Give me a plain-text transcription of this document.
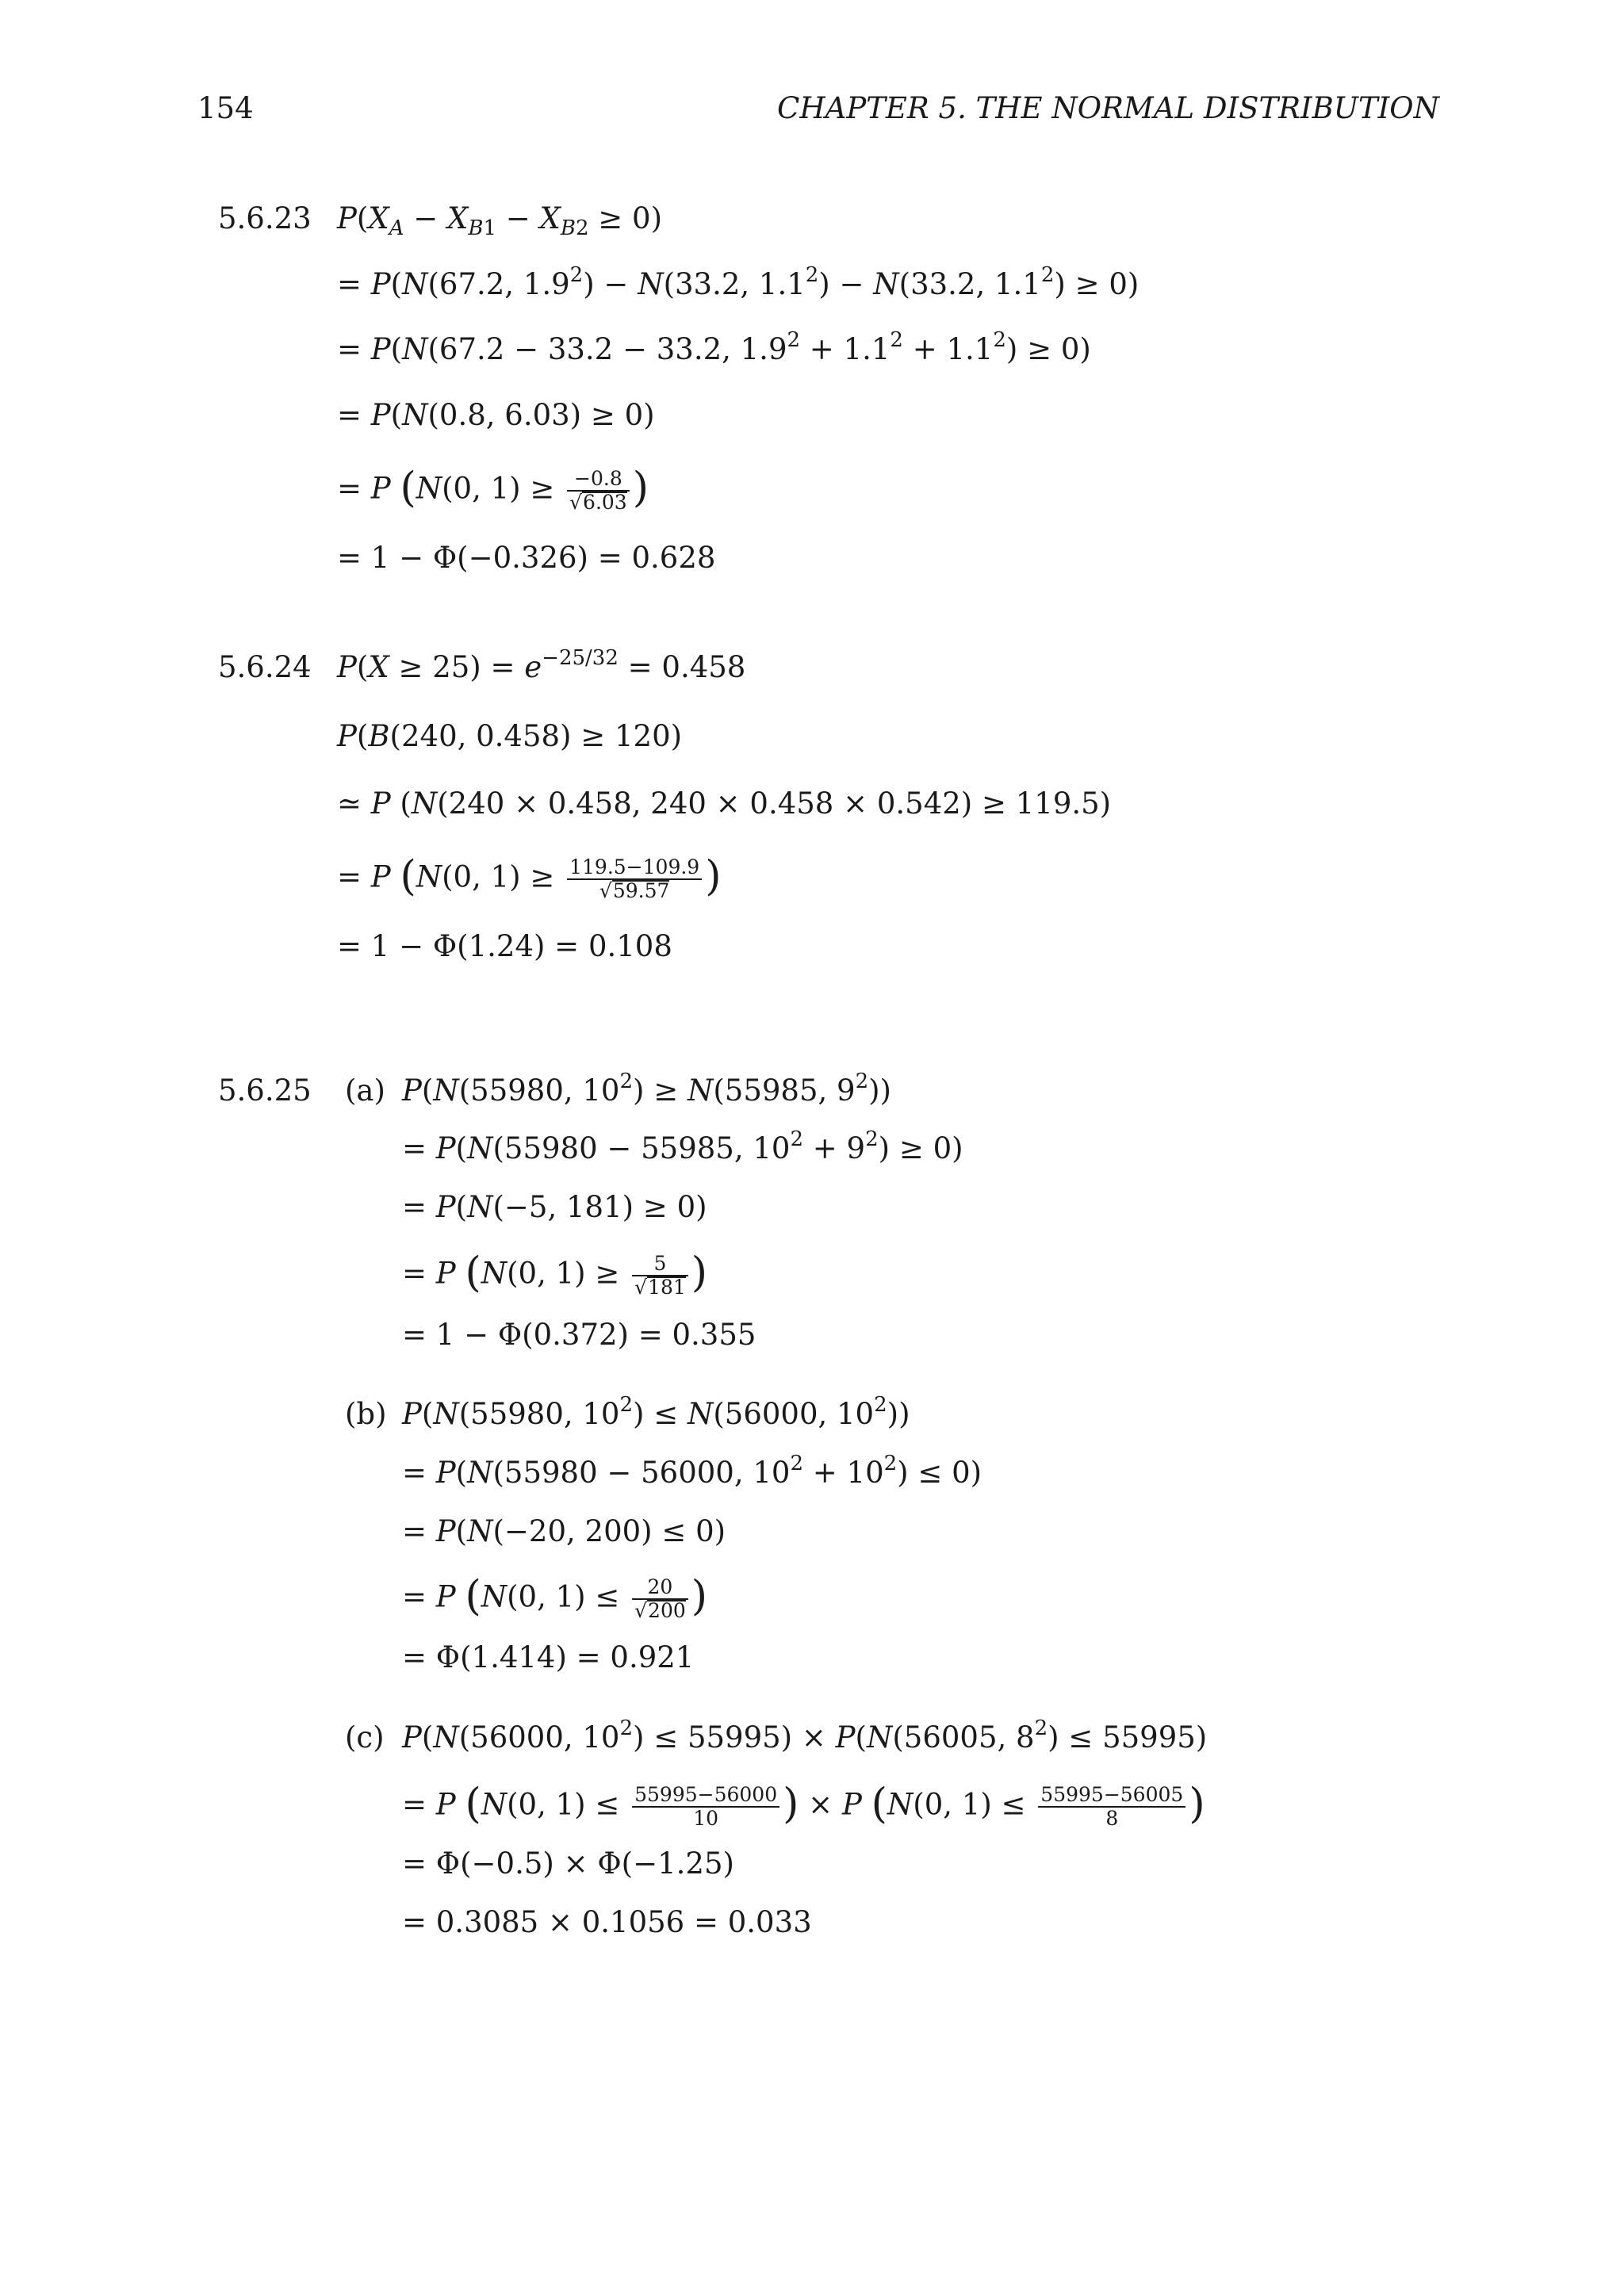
154	CHAPTER 5. THE NORMAL DISTRIBUTION
5.6.23 $P(X_A - X_{B1} - X_{B2} \ge 0)$
= P(N(67.2, $1.9^2) - N(33.2$, $1.1^2) - N(33.2$, $1.1^2) \ge 0$)
= P(N(67.2 − 33.2 − 33.2, $1.9^2 + 1.1^2 + 1.1^2) \ge 0$)
= P(N(0.8, 6.03) ≥ 0)
= P (N(0, $1) \ge \frac{-0.8}{√6.03}$ )
= 1 − Φ(−0.326) = 0.628
5.6.24 $P(X \ge 25) = e^{-25/32} = 0.458$
P(B(240, 0.458) ≥ 120)
≃ P (N(240 × 0.458, 240 × 0.458 × 0.542) ≥ 119.5)
= P (N(0, $1) \ge \frac{119.5-109.9}{√59.57}$ )
= 1 − Φ(1.24) = 0.108
5.6.25 (a) P(N(55980, $10^2) \ge N(55985$, $9^2$))
= P(N(55980 − 55985, $10^2 + 9^2) \ge 0$)
= P(N(−5, 181) ≥ 0)
= P (N(0, $1) \ge \frac{5}{√181}$ )
= 1 − Φ(0.372) = 0.355
(b) P(N(55980, $10^2) \le N(56000$, $10^2$))
= P(N(55980 − 56000, $10^2 + 10^2) \le 0$)
= P(N(−20, 200) ≤ 0)
= P (N(0, $1) \le \frac{20}{√200}$ )
= Φ(1.414) = 0.921
(c) P(N(56000, $10^2) \le 55995) \times P(N(56005$, $8^2) \le 55995$)
= P (N(0, $1) \le \frac{55995-56000}{10}$ ) × P (N(0, $1) \le \frac{55995-56005}{8}$ )
= Φ(−0.5) × Φ(−1.25)
= 0.3085 × 0.1056 = 0.033
